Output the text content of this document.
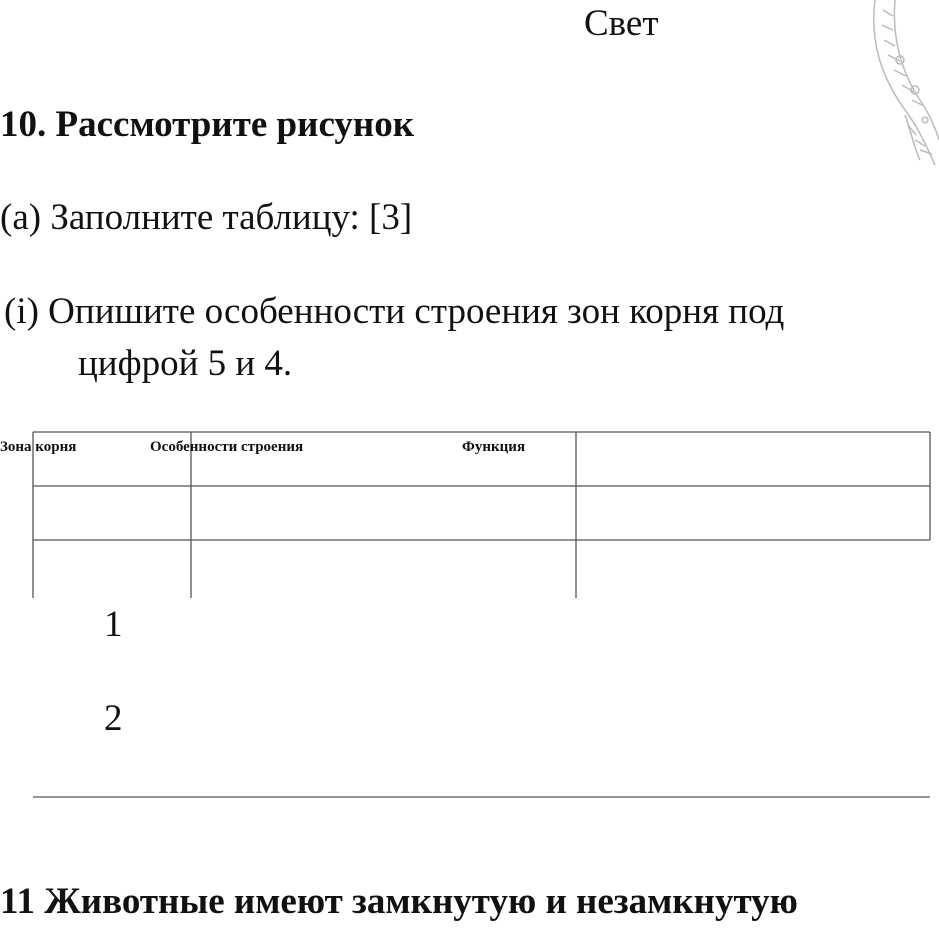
Свет
10. Рассмотрите рисунок
(а) Заполните таблицу: [3]
(i) Опишите особенности строения зон корня под
цифрой 5 и 4.
Зона корня	Особенности строения	Функция
1
2
11 Животные имеют замкнутую и незамкнутую
